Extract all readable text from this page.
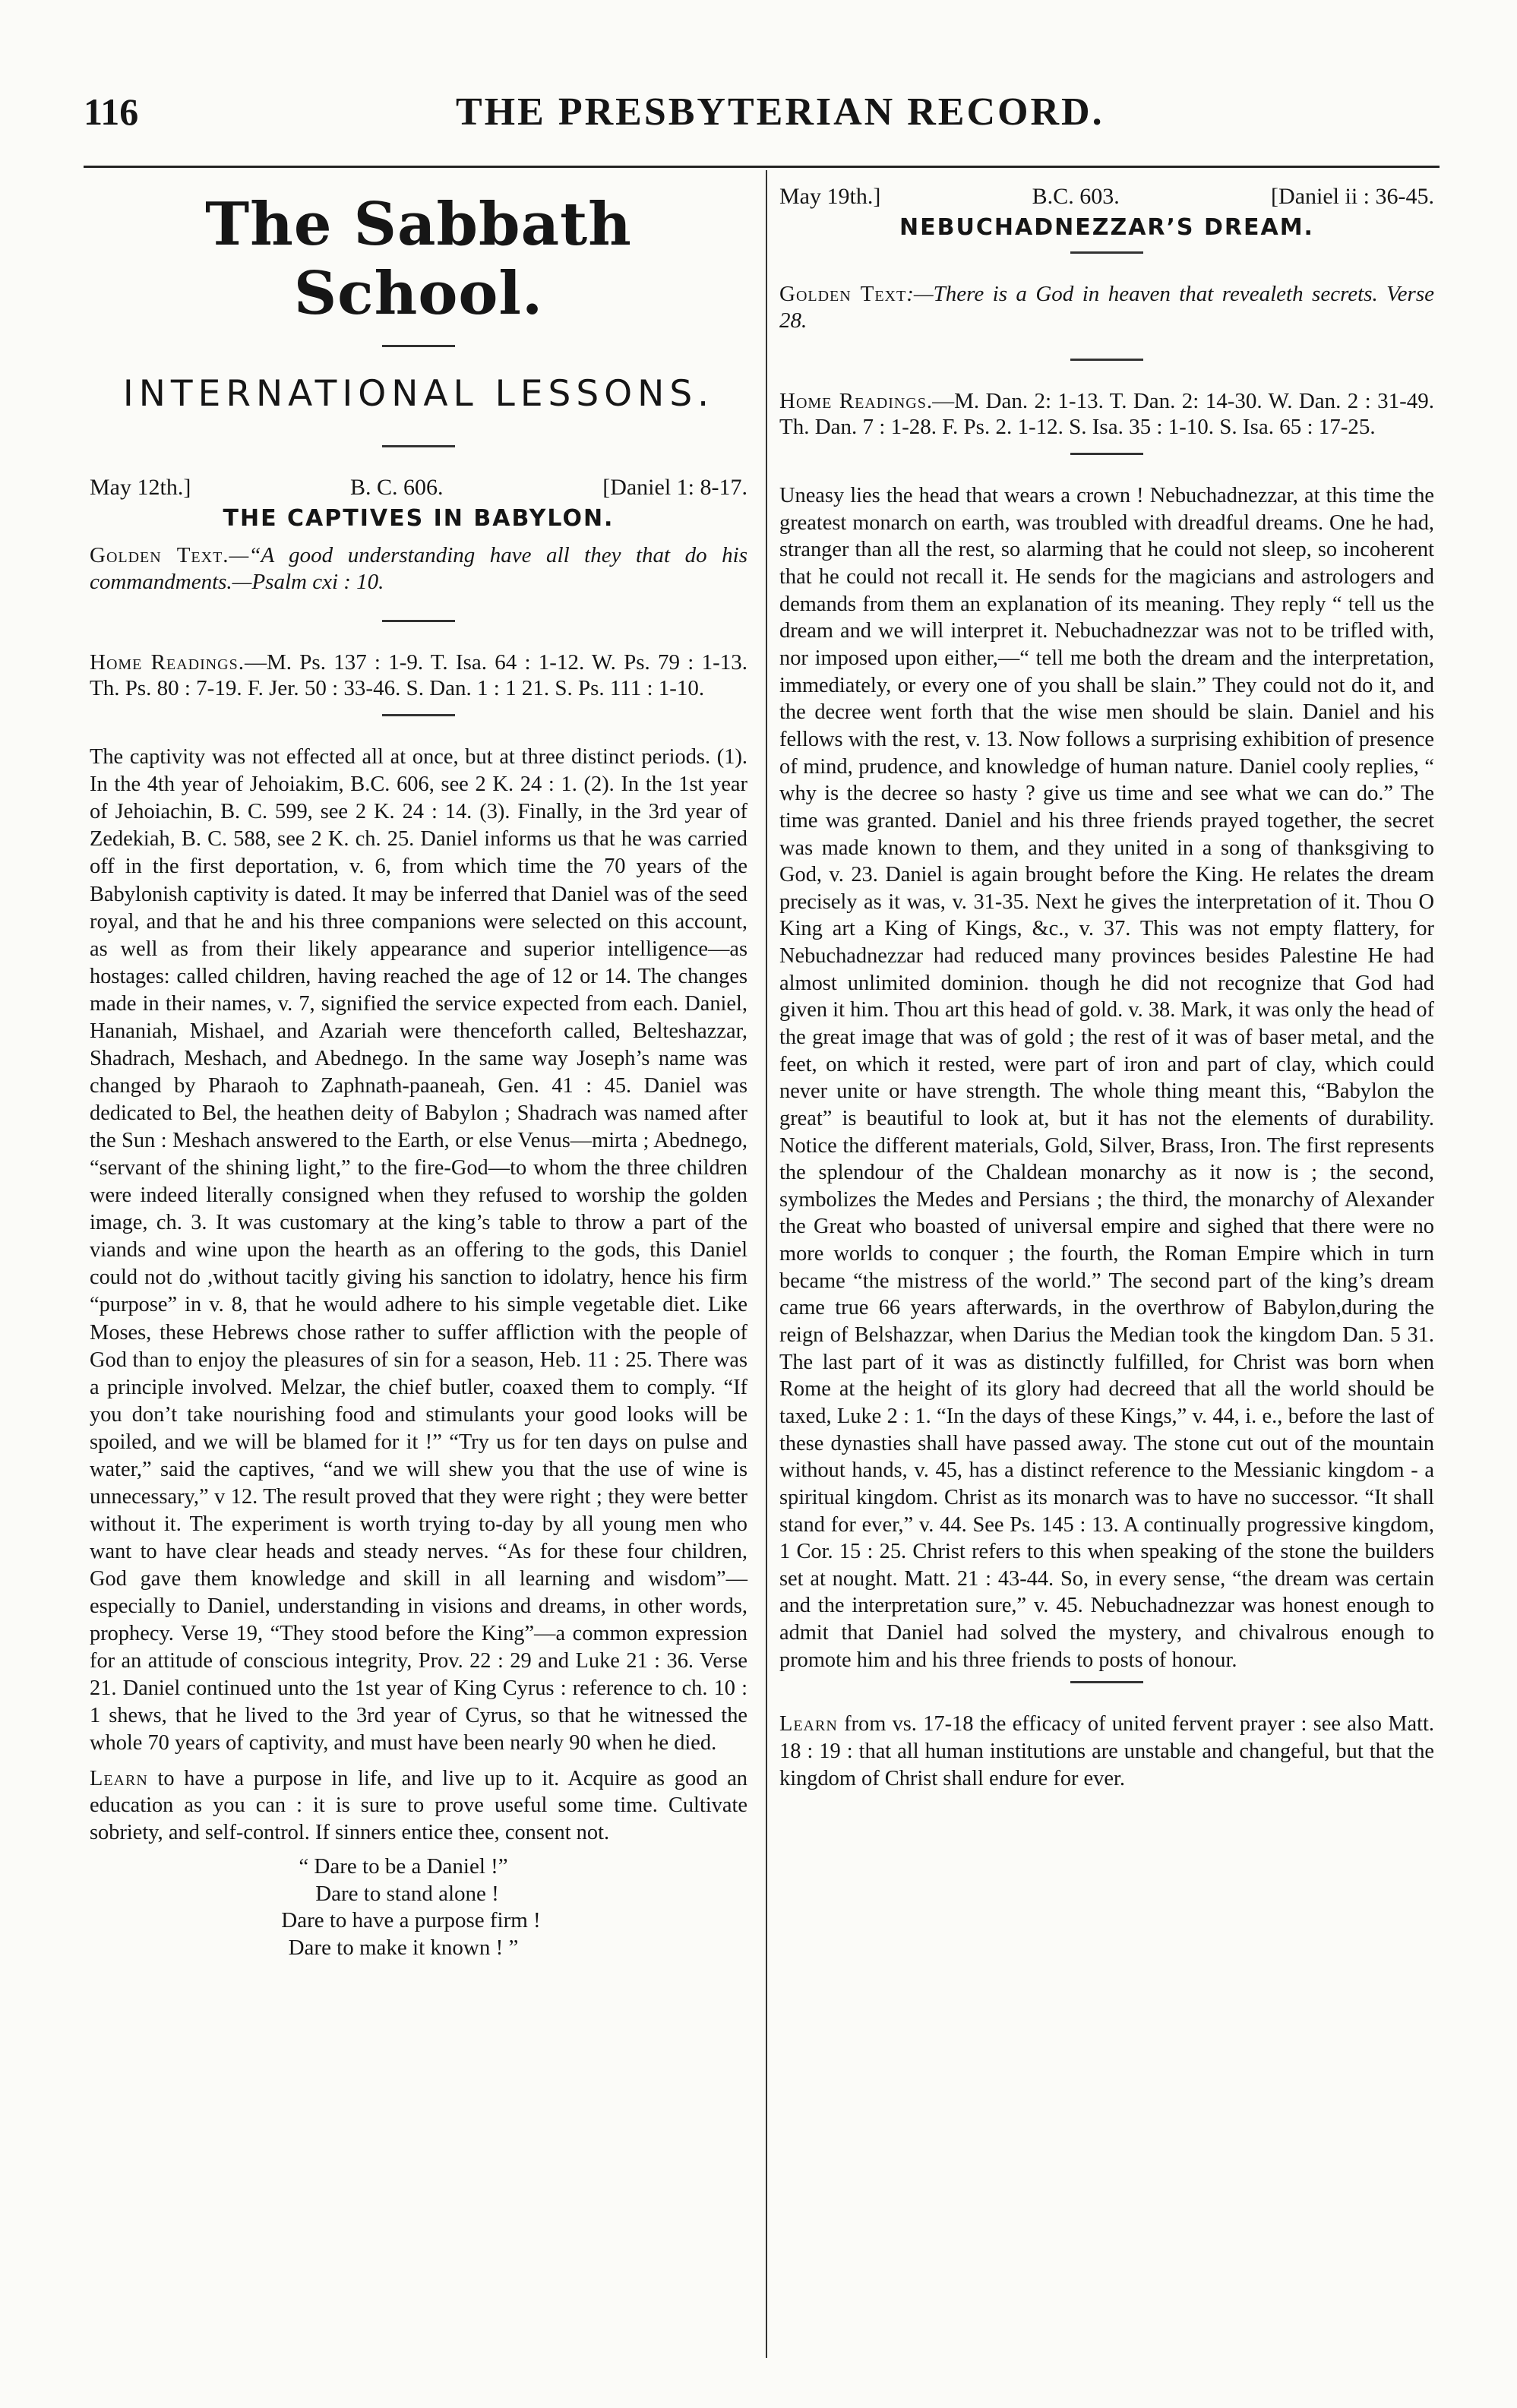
116	THE PRESBYTERIAN RECORD.
The Sabbath School.
INTERNATIONAL LESSONS.
May 12th.]	B. C. 606.	[Daniel 1: 8-17.
THE CAPTIVES IN BABYLON.
Golden Text.—“A good understanding have all they that do his commandments.—Psalm cxi : 10.
Home Readings.—M. Ps. 137 : 1-9. T. Isa. 64 : 1-12. W. Ps. 79 : 1-13. Th. Ps. 80 : 7-19. F. Jer. 50 : 33-46. S. Dan. 1 : 1 21. S. Ps. 111 : 1-10.

The captivity was not effected all at once, but at three distinct periods. (1). In the 4th year of Jehoiakim, B.C. 606, see 2 K. 24 : 1. (2). In the 1st year of Jehoiachin, B. C. 599, see 2 K. 24 : 14. (3). Finally, in the 3rd year of Zedekiah, B. C. 588, see 2 K. ch. 25. Daniel informs us that he was carried off in the first deportation, v. 6, from which time the 70 years of the Babylonish captivity is dated. It may be inferred that Daniel was of the seed royal, and that he and his three companions were selected on this account, as well as from their likely appearance and superior intelligence—as hostages: called children, having reached the age of 12 or 14. The changes made in their names, v. 7, signified the service expected from each. Daniel, Hananiah, Mishael, and Azariah were thenceforth called, Belteshazzar, Shadrach, Meshach, and Abednego. In the same way Joseph’s name was changed by Pharaoh to Zaphnath-paaneah, Gen. 41 : 45. Daniel was dedicated to Bel, the heathen deity of Babylon ; Shadrach was named after the Sun : Meshach answered to the Earth, or else Venus—mirta ; Abednego, “servant of the shining light,” to the fire-God—to whom the three children were indeed literally consigned when they refused to worship the golden image, ch. 3. It was customary at the king’s table to throw a part of the viands and wine upon the hearth as an offering to the gods, this Daniel could not do ,without tacitly giving his sanction to idolatry, hence his firm “purpose” in v. 8, that he would adhere to his simple vegetable diet. Like Moses, these Hebrews chose rather to suffer affliction with the people of God than to enjoy the pleasures of sin for a season, Heb. 11 : 25. There was a principle involved. Melzar, the chief butler, coaxed them to comply. “If you don’t take nourishing food and stimulants your good looks will be spoiled, and we will be blamed for it !” “Try us for ten days on pulse and water,” said the captives, “and we will shew you that the use of wine is unnecessary,” v 12. The result proved that they were right ; they were better without it. The experiment is worth trying to-day by all young men who want to have clear heads and steady nerves. “As for these four children, God gave them knowledge and skill in all learning and wisdom”—especially to Daniel, understanding in visions and dreams, in other words, prophecy. Verse 19, “They stood before the King”—a common expression for an attitude of conscious integrity, Prov. 22 : 29 and Luke 21 : 36. Verse 21. Daniel continued unto the 1st year of King Cyrus : reference to ch. 10 : 1 shews, that he lived to the 3rd year of Cyrus, so that he witnessed the whole 70 years of captivity, and must have been nearly 90 when he died.

Learn to have a purpose in life, and live up to it. Acquire as good an education as you can : it is sure to prove useful some time. Cultivate sobriety, and self-control. If sinners entice thee, consent not.

“ Dare to be a Daniel !”
Dare to stand alone !
Dare to have a purpose firm !
Dare to make it known ! ”
May 19th.]	B.C. 603.	[Daniel ii : 36-45.
NEBUCHADNEZZAR’S DREAM.
Golden Text:—There is a God in heaven that revealeth secrets. Verse 28.
Home Readings.—M. Dan. 2: 1-13. T. Dan. 2: 14-30. W. Dan. 2 : 31-49. Th. Dan. 7 : 1-28. F. Ps. 2. 1-12. S. Isa. 35 : 1-10. S. Isa. 65 : 17-25.

Uneasy lies the head that wears a crown ! Nebuchadnezzar, at this time the greatest monarch on earth, was troubled with dreadful dreams. One he had, stranger than all the rest, so alarming that he could not sleep, so incoherent that he could not recall it. He sends for the magicians and astrologers and demands from them an explanation of its meaning. They reply “ tell us the dream and we will interpret it. Nebuchadnezzar was not to be trifled with, nor imposed upon either,—“ tell me both the dream and the interpretation, immediately, or every one of you shall be slain.” They could not do it, and the decree went forth that the wise men should be slain. Daniel and his fellows with the rest, v. 13. Now follows a surprising exhibition of presence of mind, prudence, and knowledge of human nature. Daniel cooly replies, “ why is the decree so hasty ? give us time and see what we can do.” The time was granted. Daniel and his three friends prayed together, the secret was made known to them, and they united in a song of thanksgiving to God, v. 23. Daniel is again brought before the King. He relates the dream precisely as it was, v. 31-35. Next he gives the interpretation of it. Thou O King art a King of Kings, &c., v. 37. This was not empty flattery, for Nebuchadnezzar had reduced many provinces besides Palestine He had almost unlimited dominion. though he did not recognize that God had given it him. Thou art this head of gold. v. 38. Mark, it was only the head of the great image that was of gold ; the rest of it was of baser metal, and the feet, on which it rested, were part of iron and part of clay, which could never unite or have strength. The whole thing meant this, “Babylon the great” is beautiful to look at, but it has not the elements of durability. Notice the different materials, Gold, Silver, Brass, Iron. The first represents the splendour of the Chaldean monarchy as it now is ; the second, symbolizes the Medes and Persians ; the third, the monarchy of Alexander the Great who boasted of universal empire and sighed that there were no more worlds to conquer ; the fourth, the Roman Empire which in turn became “the mistress of the world.” The second part of the king’s dream came true 66 years afterwards, in the overthrow of Babylon,during the reign of Belshazzar, when Darius the Median took the kingdom Dan. 5 31. The last part of it was as distinctly fulfilled, for Christ was born when Rome at the height of its glory had decreed that all the world should be taxed, Luke 2 : 1. “In the days of these Kings,” v. 44, i. e., before the last of these dynasties shall have passed away. The stone cut out of the mountain without hands, v. 45, has a distinct reference to the Messianic kingdom - a spiritual kingdom. Christ as its monarch was to have no successor. “It shall stand for ever,” v. 44. See Ps. 145 : 13. A continually progressive kingdom, 1 Cor. 15 : 25. Christ refers to this when speaking of the stone the builders set at nought. Matt. 21 : 43-44. So, in every sense, “the dream was certain and the interpretation sure,” v. 45. Nebuchadnezzar was honest enough to admit that Daniel had solved the mystery, and chivalrous enough to promote him and his three friends to posts of honour.

Learn from vs. 17-18 the efficacy of united fervent prayer : see also Matt. 18 : 19 : that all human institutions are unstable and changeful, but that the kingdom of Christ shall endure for ever.
